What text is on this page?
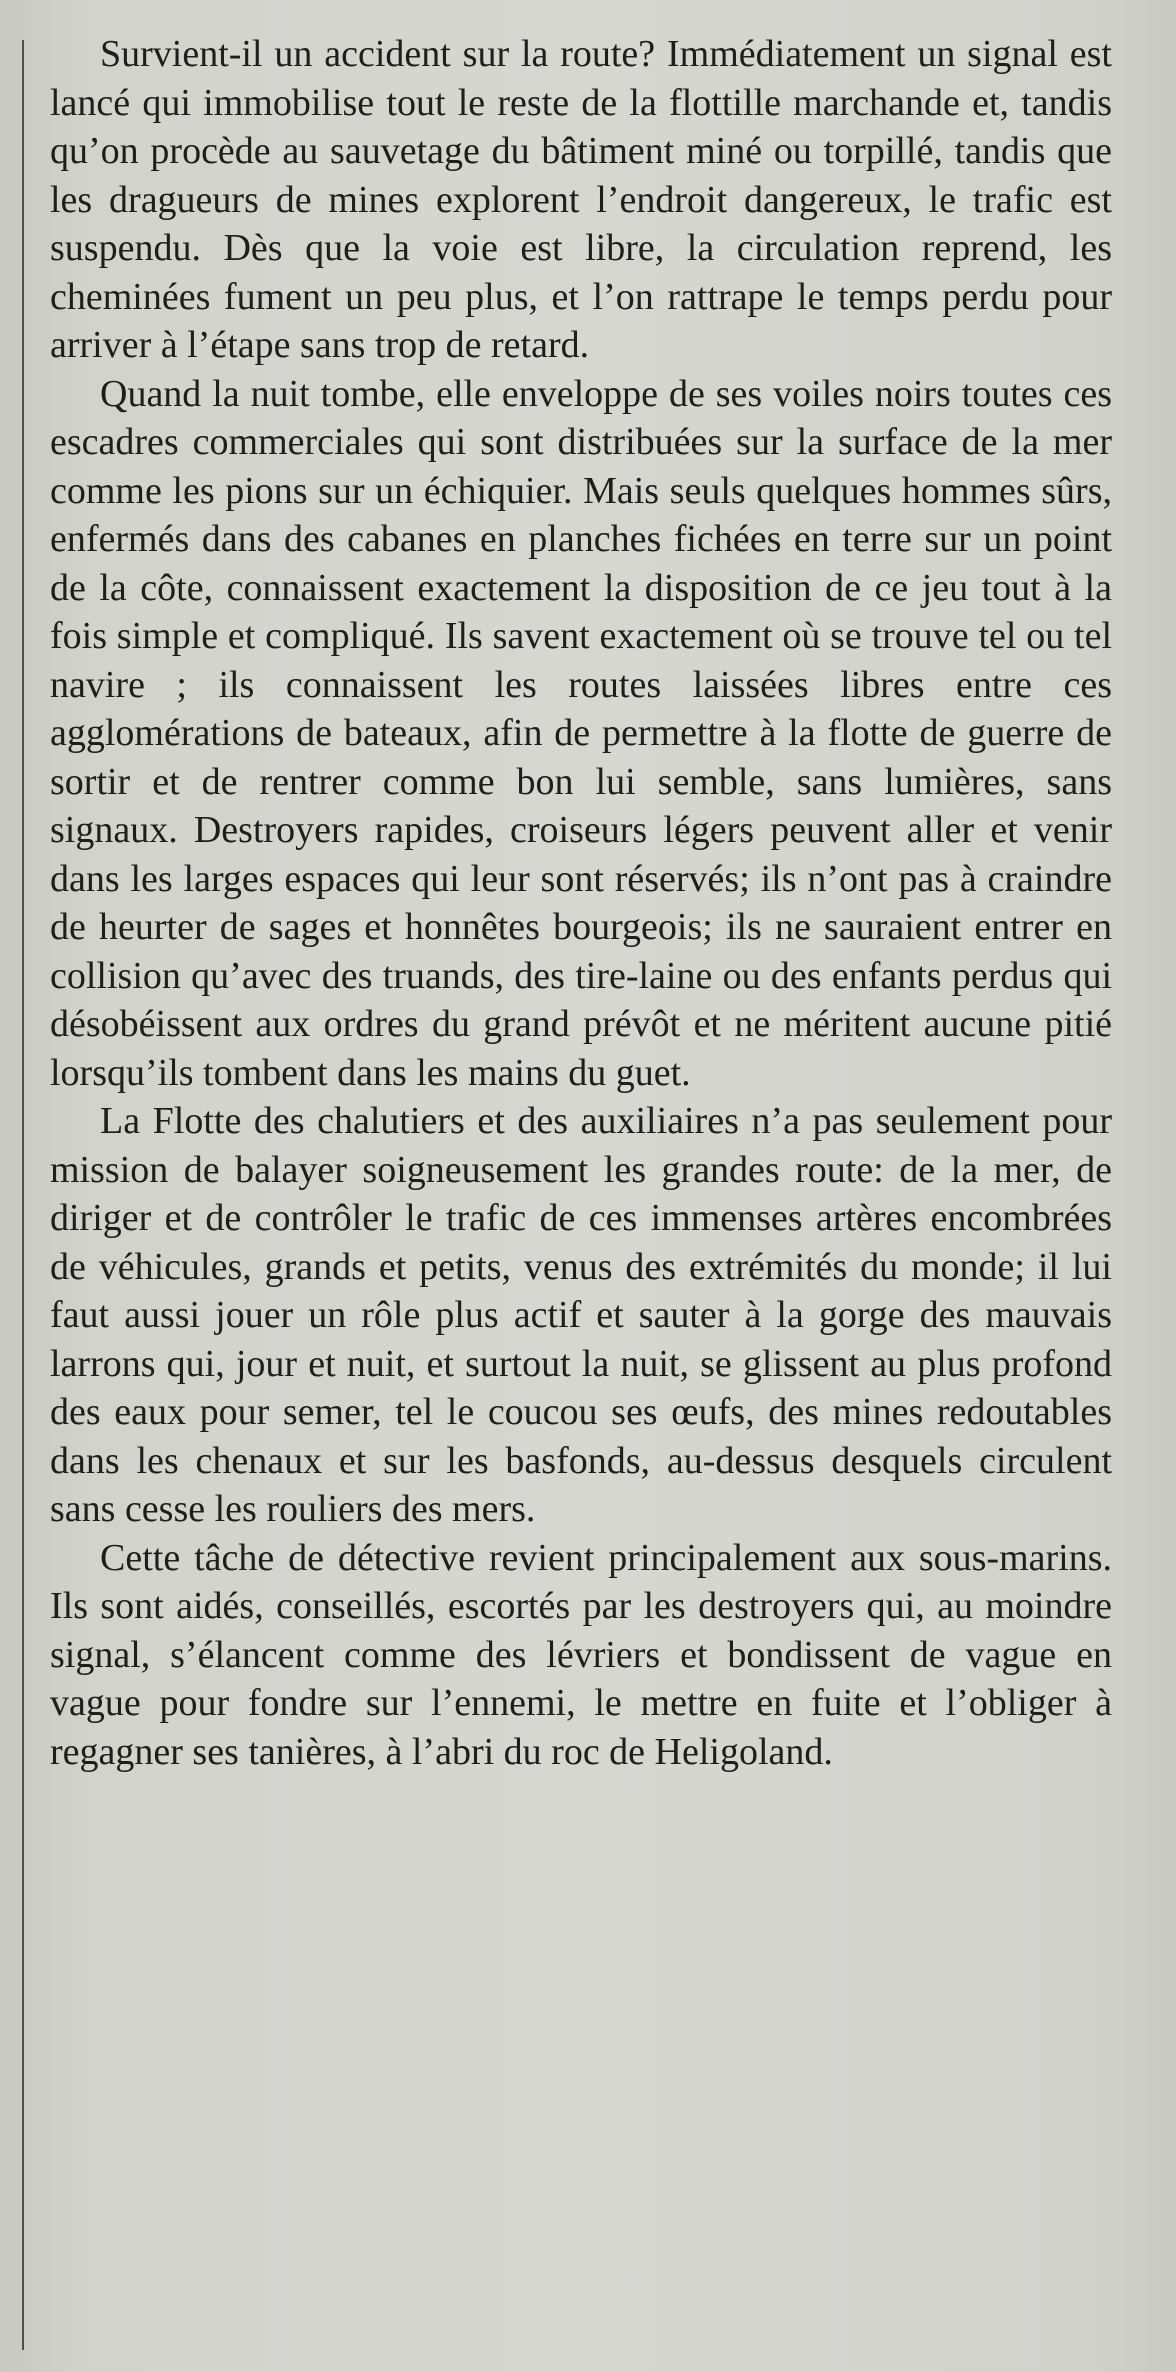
Survient-il un accident sur la route? Immédiatement un signal est lancé qui immobilise tout le reste de la flottille marchande et, tandis qu’on procède au sauvetage du bâtiment miné ou torpillé, tandis que les dragueurs de mines explorent l’endroit dangereux, le trafic est suspendu. Dès que la voie est libre, la circulation reprend, les cheminées fument un peu plus, et l’on rattrape le temps perdu pour arriver à l’étape sans trop de retard.

Quand la nuit tombe, elle enveloppe de ses voiles noirs toutes ces escadres commerciales qui sont distribuées sur la surface de la mer comme les pions sur un échiquier. Mais seuls quelques hommes sûrs, enfermés dans des cabanes en planches fichées en terre sur un point de la côte, connaissent exactement la disposition de ce jeu tout à la fois simple et compliqué. Ils savent exactement où se trouve tel ou tel navire ; ils connaissent les routes laissées libres entre ces agglomérations de bateaux, afin de permettre à la flotte de guerre de sortir et de rentrer comme bon lui semble, sans lumières, sans signaux. Destroyers rapides, croiseurs légers peuvent aller et venir dans les larges espaces qui leur sont réservés; ils n’ont pas à craindre de heurter de sages et honnêtes bourgeois; ils ne sauraient entrer en collision qu’avec des truands, des tire-laine ou des enfants perdus qui désobéissent aux ordres du grand prévôt et ne méritent aucune pitié lorsqu’ils tombent dans les mains du guet.

La Flotte des chalutiers et des auxiliaires n’a pas seulement pour mission de balayer soigneusement les grandes route: de la mer, de diriger et de contrôler le trafic de ces immenses artères encombrées de véhicules, grands et petits, venus des extrémités du monde; il lui faut aussi jouer un rôle plus actif et sauter à la gorge des mauvais larrons qui, jour et nuit, et surtout la nuit, se glissent au plus profond des eaux pour semer, tel le coucou ses œufs, des mines redoutables dans les chenaux et sur les basfonds, au-dessus desquels circulent sans cesse les rouliers des mers.

Cette tâche de détective revient principalement aux sous-marins. Ils sont aidés, conseillés, escortés par les destroyers qui, au moindre signal, s’élancent comme des lévriers et bondissent de vague en vague pour fondre sur l’ennemi, le mettre en fuite et l’obliger à regagner ses tanières, à l’abri du roc de Heligoland.
